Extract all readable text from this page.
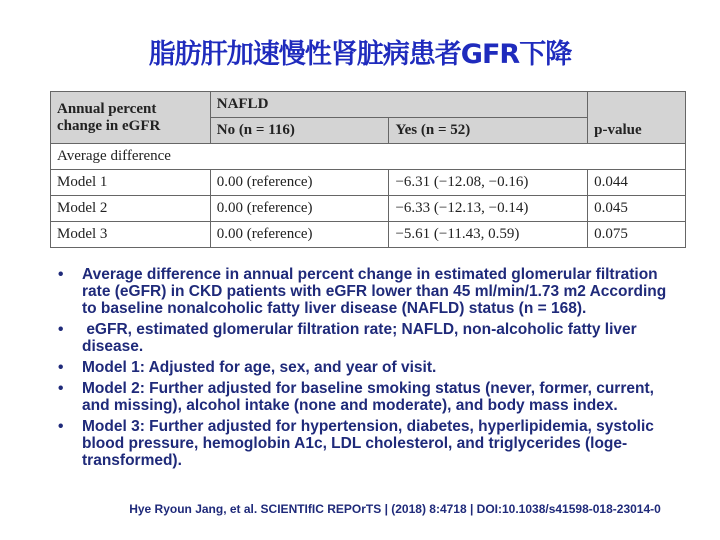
脂肪肝加速慢性肾脏病患者GFR下降
Annual percent change in eGFR	NAFLD		p-value
	No (n = 116)	Yes (n = 52)	
Average difference			
Model 1	0.00 (reference)	−6.31 (−12.08, −0.16)	0.044
Model 2	0.00 (reference)	−6.33 (−12.13, −0.14)	0.045
Model 3	0.00 (reference)	−5.61 (−11.43, 0.59)	0.075
• Average difference in annual percent change in estimated glomerular filtration rate (eGFR) in CKD patients with eGFR lower than 45 ml/min/1.73 m2 According to baseline nonalcoholic fatty liver disease (NAFLD) status (n = 168).
• eGFR, estimated glomerular filtration rate; NAFLD, non-alcoholic fatty liver disease.
• Model 1: Adjusted for age, sex, and year of visit.
• Model 2: Further adjusted for baseline smoking status (never, former, current, and missing), alcohol intake (none and moderate), and body mass index.
• Model 3: Further adjusted for hypertension, diabetes, hyperlipidemia, systolic blood pressure, hemoglobin A1c, LDL cholesterol, and triglycerides (loge-transformed).
Hye Ryoun Jang, et al. SCIENTIfIC REPOrTS | (2018) 8:4718 | DOI:10.1038/s41598-018-23014-0
